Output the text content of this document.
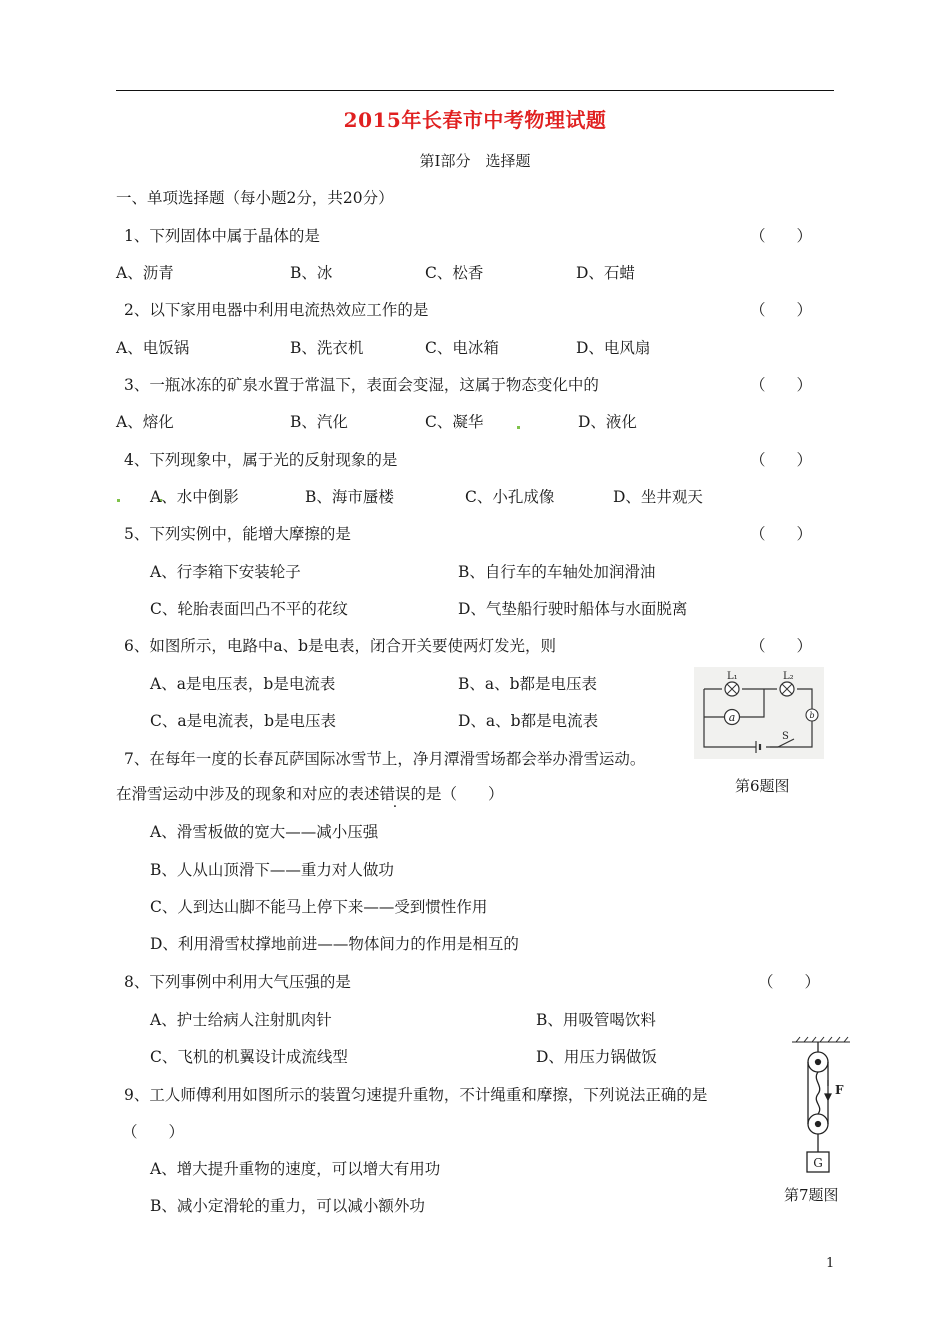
2015年长春市中考物理试题
第Ⅰ部分　选择题
一、单项选择题（每小题2分，共20分）
1、下列固体中属于晶体的是	（　　）
A、沥青	B、冰	C、松香	D、石蜡
2、以下家用电器中利用电流热效应工作的是	（　　）
A、电饭锅	B、洗衣机	C、电冰箱	D、电风扇
3、一瓶冰冻的矿泉水置于常温下，表面会变湿，这属于物态变化中的	（　　）
A、熔化	B、汽化	C、凝华	D、液化
4、下列现象中，属于光的反射现象的是	（　　）
A、水中倒影	B、海市蜃楼	C、小孔成像	D、坐井观天
5、下列实例中，能增大摩擦的是	（　　）
A、行李箱下安装轮子	B、自行车的车轴处加润滑油
C、轮胎表面凹凸不平的花纹	D、气垫船行驶时船体与水面脱离
6、如图所示，电路中a、b是电表，闭合开关要使两灯发光，则	（　　）
A、a是电压表，b是电流表	B、a、b都是电压表
C、a是电流表，b是电压表	D、a、b都是电流表	a	b
L₁	L₂
S
7、在每年一度的长春瓦萨国际冰雪节上，净月潭滑雪场都会举办滑雪运动。
第6题图
在滑雪运动中涉及的现象和对应的表述错误的是（　　）
A、滑雪板做的宽大——减小压强
B、人从山顶滑下——重力对人做功
C、人到达山脚不能马上停下来——受到惯性作用
D、利用滑雪杖撑地前进——物体间力的作用是相互的
8、下列事例中利用大气压强的是	（　　）
A、护士给病人注射肌肉针	B、用吸管喝饮料
C、飞机的机翼设计成流线型	D、用压力锅做饭
F
G
第7题图
9、工人师傅利用如图所示的装置匀速提升重物，不计绳重和摩擦，下列说法正确的是
（　　）
A、增大提升重物的速度，可以增大有用功
B、减小定滑轮的重力，可以减小额外功
1
